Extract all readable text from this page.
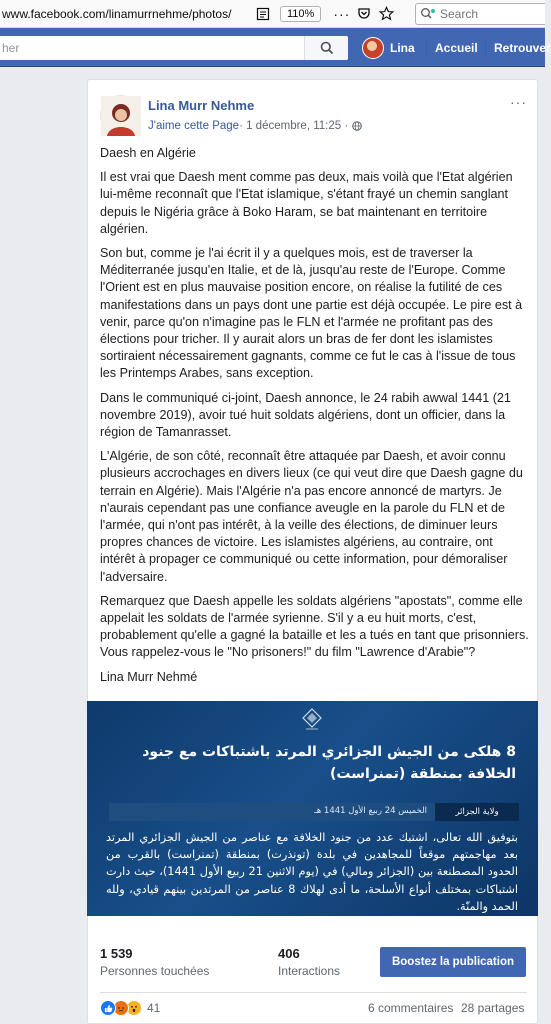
www.facebook.com/linamurrnehme/photos/	110%	···
Search
her
Lina Accueil Retrouver
Lina Murr Nehme
J'aime cette Page · 1 décembre, 11:25 ·
···

Daesh en Algérie

Il est vrai que Daesh ment comme pas deux, mais voilà que l'Etat algérien lui-même reconnaît que l'Etat islamique, s'étant frayé un chemin sanglant depuis le Nigéria grâce à Boko Haram, se bat maintenant en territoire algérien.

Son but, comme je l'ai écrit il y a quelques mois, est de traverser la Méditerranée jusqu'en Italie, et de là, jusqu'au reste de l'Europe. Comme l'Orient est en plus mauvaise position encore, on réalise la futilité de ces manifestations dans un pays dont une partie est déjà occupée. Le pire est à venir, parce qu'on n'imagine pas le FLN et l'armée ne profitant pas des élections pour tricher. Il y aurait alors un bras de fer dont les islamistes sortiraient nécessairement gagnants, comme ce fut le cas à l'issue de tous les Printemps Arabes, sans exception.

Dans le communiqué ci-joint, Daesh annonce, le 24 rabih awwal 1441 (21 novembre 2019), avoir tué huit soldats algériens, dont un officier, dans la région de Tamanrasset.

L'Algérie, de son côté, reconnaît être attaquée par Daesh, et avoir connu plusieurs accrochages en divers lieux (ce qui veut dire que Daesh gagne du terrain en Algérie). Mais l'Algérie n'a pas encore annoncé de martyrs. Je n'aurais cependant pas une confiance aveugle en la parole du FLN et de l'armée, qui n'ont pas intérêt, à la veille des élections, de diminuer leurs propres chances de victoire. Les islamistes algériens, au contraire, ont intérêt à propager ce communiqué ou cette information, pour démoraliser l'adversaire.

Remarquez que Daesh appelle les soldats algériens "apostats", comme elle appelait les soldats de l'armée syrienne. S'il y a eu huit morts, c'est, probablement qu'elle a gagné la bataille et les a tués en tant que prisonniers. Vous rappelez-vous le "No prisoners!" du film "Lawrence d'Arabie"?

Lina Murr Nehmé

8 هلكى من الجيش الجزائري المرتد باشتباكات مع جنود الخلافة بمنطقة (تمنراست)
الخميس 24 ربيع الأول 1441 هـ	ولاية الجزائر
بتوفيق الله تعالى، اشتبك عدد من جنود الخلافة مع عناصر من الجيش الجزائري المرتد بعد مهاجمتهم موقعاً للمجاهدين في بلدة (تونذرت) بمنطقة (تمنراست) بالقرب من الحدود المصطنعة بين (الجزائر ومالي) في (يوم الاثنين 21 ربيع الأول 1441)، حيث دارت اشتباكات بمختلف أنواع الأسلحة، ما أدى لهلاك 8 عناصر من المرتدين بينهم قيادي، ولله الحمد والمنّة.
1 539
Personnes touchées
406
Interactions
Boostez la publication
41	6 commentaires 28 partages
